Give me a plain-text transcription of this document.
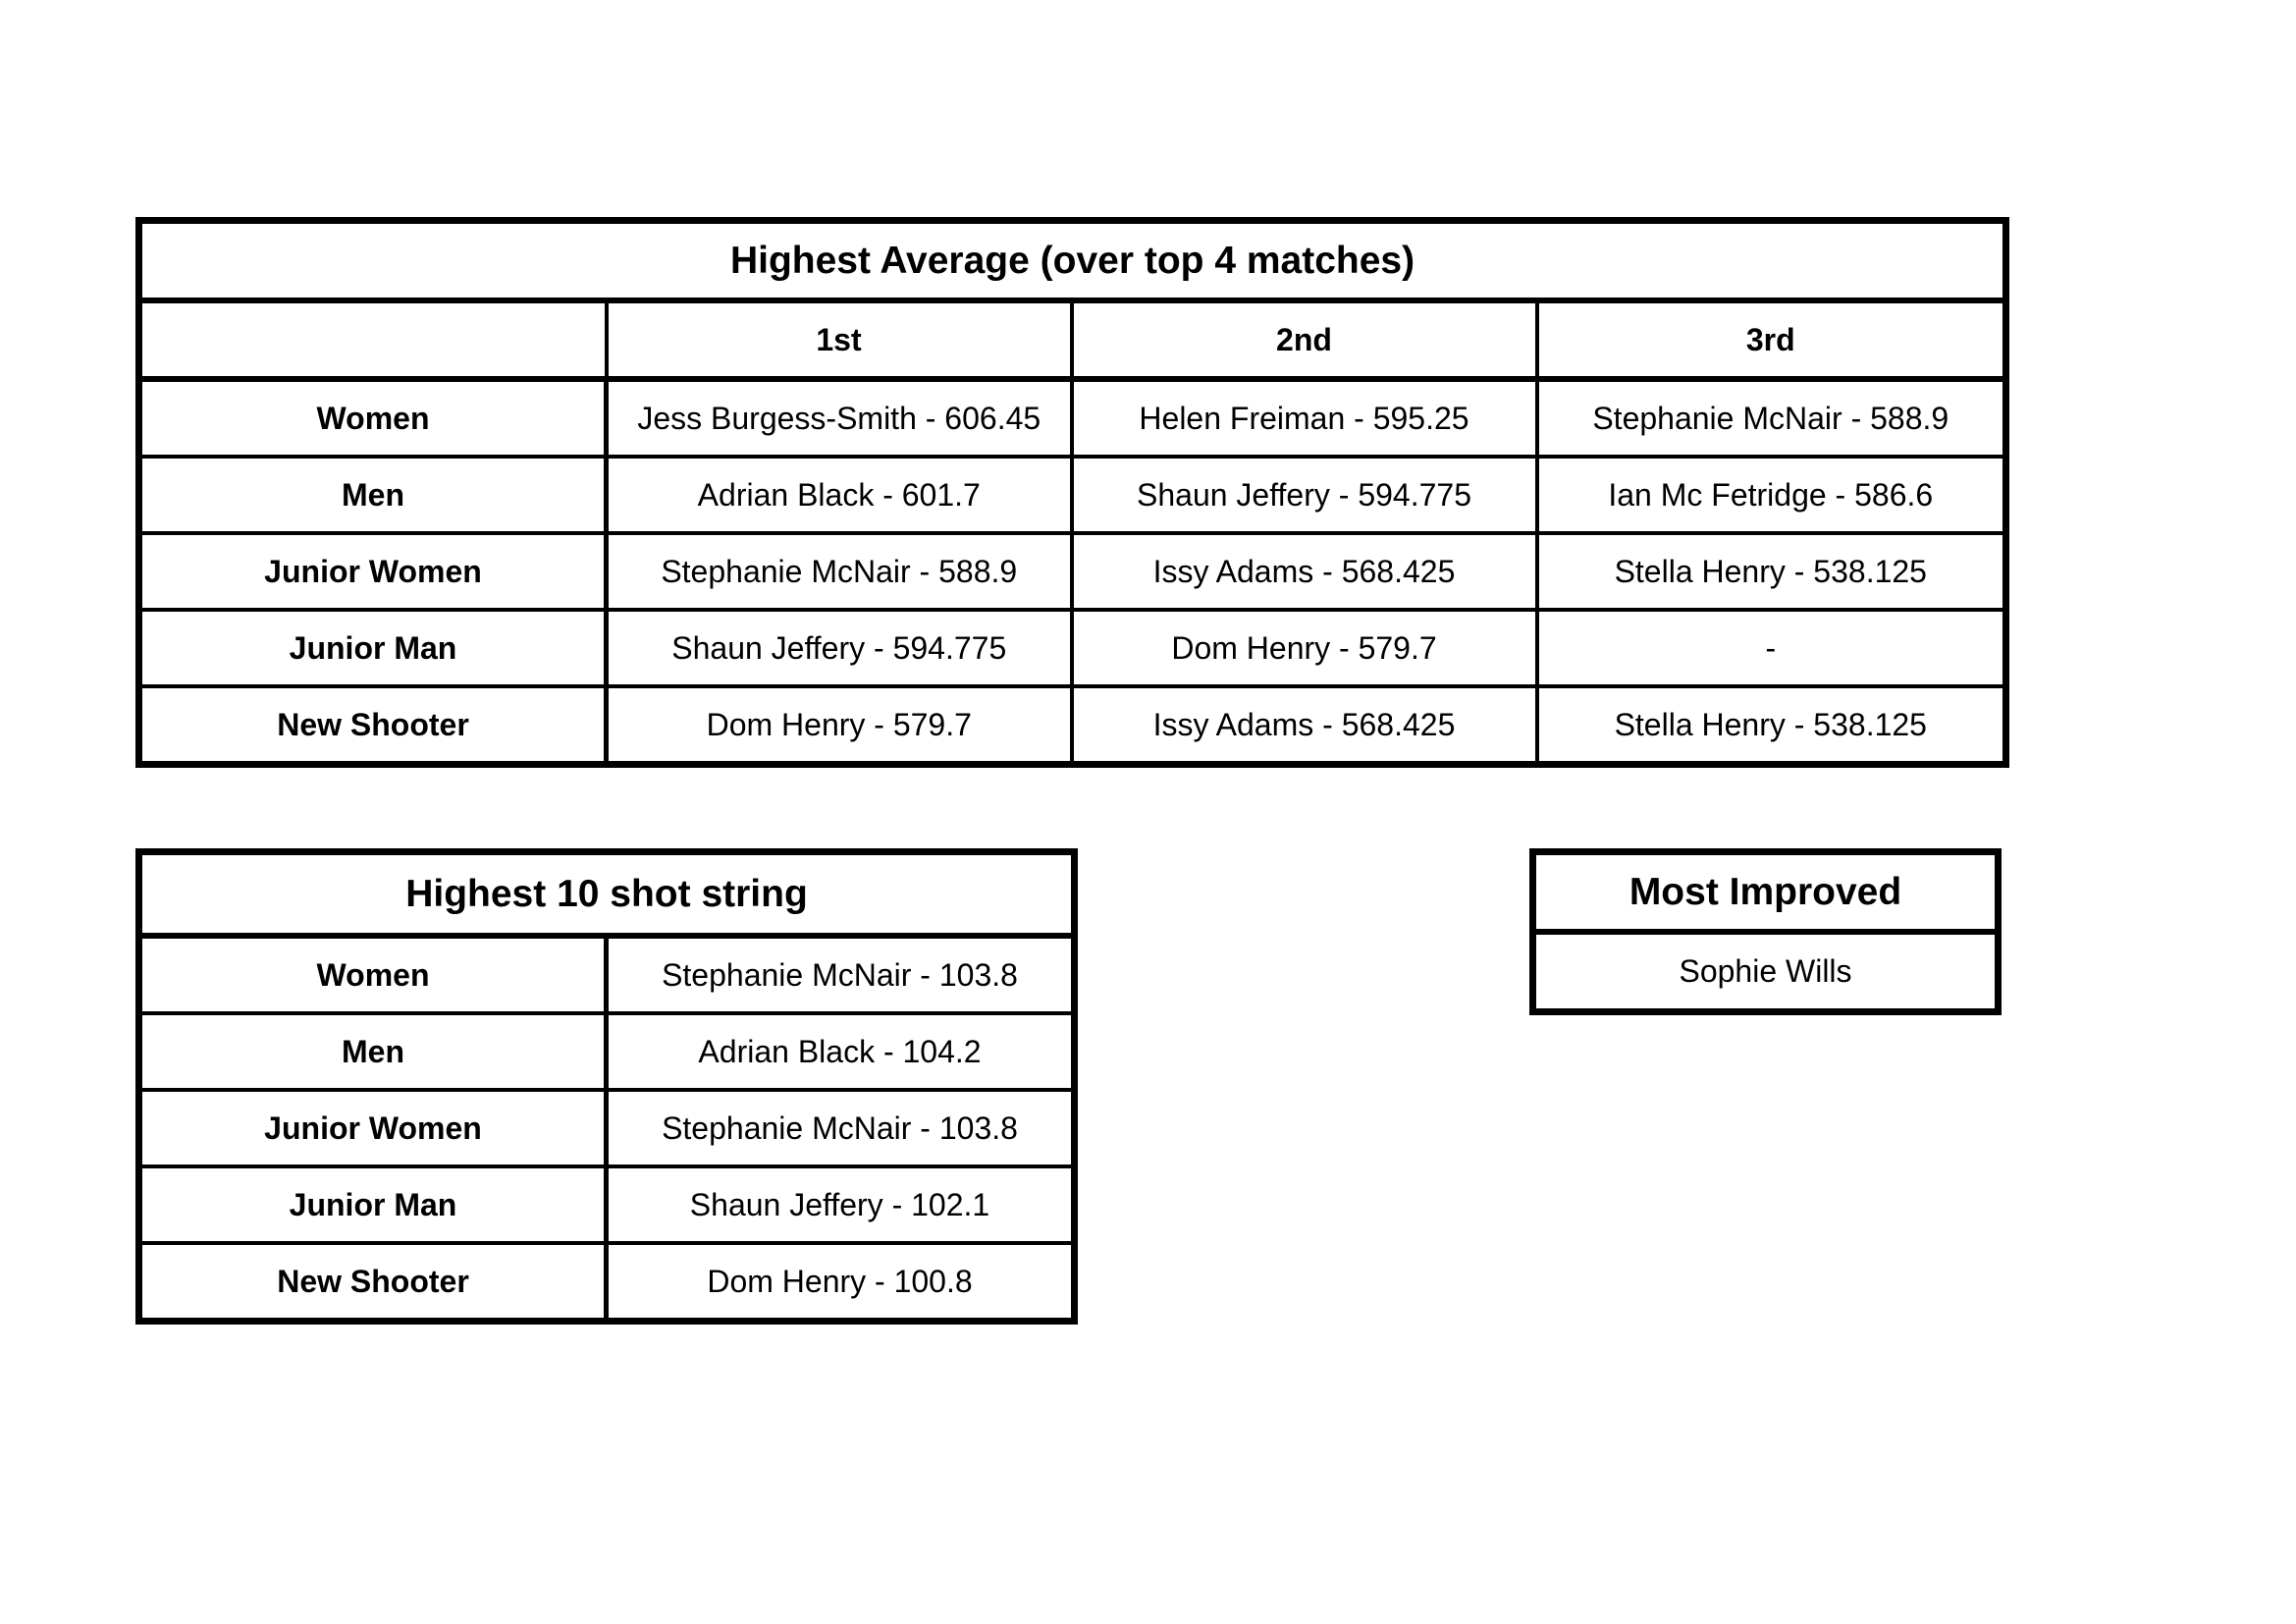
Highest Average (over top 4 matches)			
	1st	2nd	3rd
Women	Jess Burgess-Smith - 606.45	Helen Freiman - 595.25	Stephanie McNair - 588.9
Men	Adrian Black - 601.7	Shaun Jeffery - 594.775	Ian Mc Fetridge - 586.6
Junior Women	Stephanie McNair - 588.9	Issy Adams - 568.425	Stella Henry - 538.125
Junior Man	Shaun Jeffery - 594.775	Dom Henry - 579.7	-
New Shooter	Dom Henry - 579.7	Issy Adams - 568.425	Stella Henry - 538.125
Highest 10 shot string	
Women	Stephanie McNair - 103.8
Men	Adrian Black - 104.2
Junior Women	Stephanie McNair - 103.8
Junior Man	Shaun Jeffery - 102.1
New Shooter	Dom Henry - 100.8
Most Improved
Sophie Wills
